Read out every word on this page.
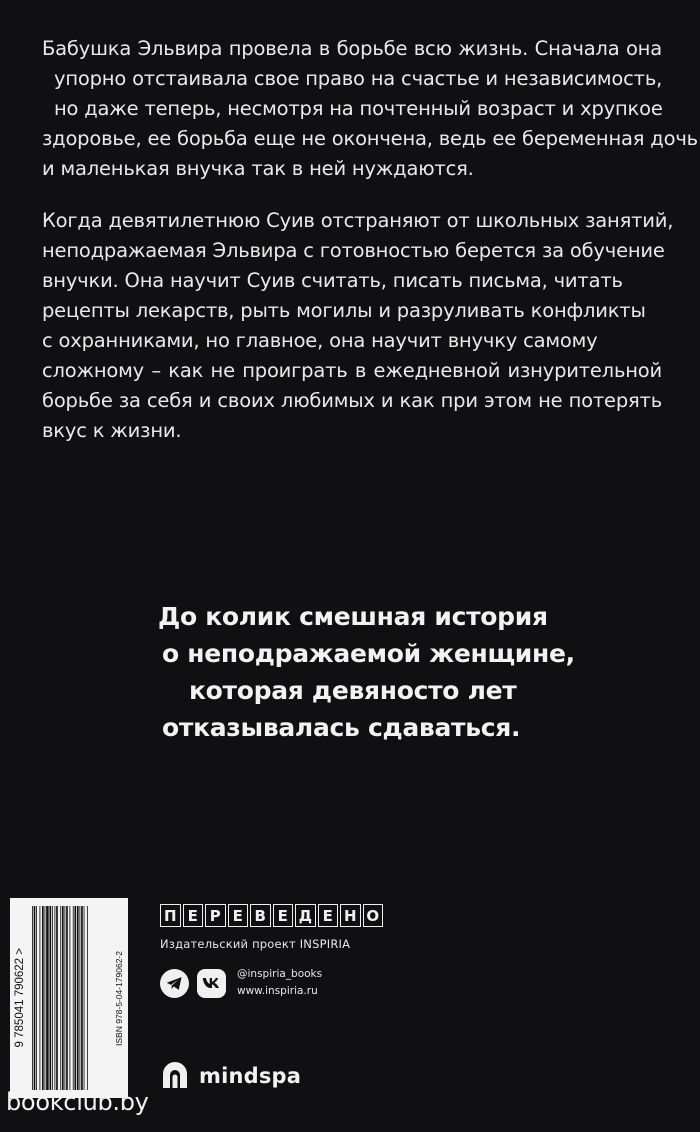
Бабушка Эльвира провела в борьбе всю жизнь. Сначала она
упорно отстаивала свое право на счастье и независимость,
но даже теперь, несмотря на почтенный возраст и хрупкое
здоровье, ее борьба еще не окончена, ведь ее беременная дочь
и маленькая внучка так в ней нуждаются.
Когда девятилетнюю Суив отстраняют от школьных занятий,
неподражаемая Эльвира с готовностью берется за обучение
внучки. Она научит Суив считать, писать письма, читать
рецепты лекарств, рыть могилы и разруливать конфликты
с охранниками, но главное, она научит внучку самому
сложному – как не проиграть в ежедневной изнурительной
борьбе за себя и своих любимых и как при этом не потерять
вкус к жизни.
До колик смешная история
о неподражаемой женщине,
которая девяносто лет
отказывалась сдаваться.
9 785041 790622 >	ISBN 978-5-04-179062-2
П Е Р Е В Е Д Е Н О
Издательский проект INSPIRIA
@inspiria_books
www.inspiria.ru
mindspa
bookclub.by
